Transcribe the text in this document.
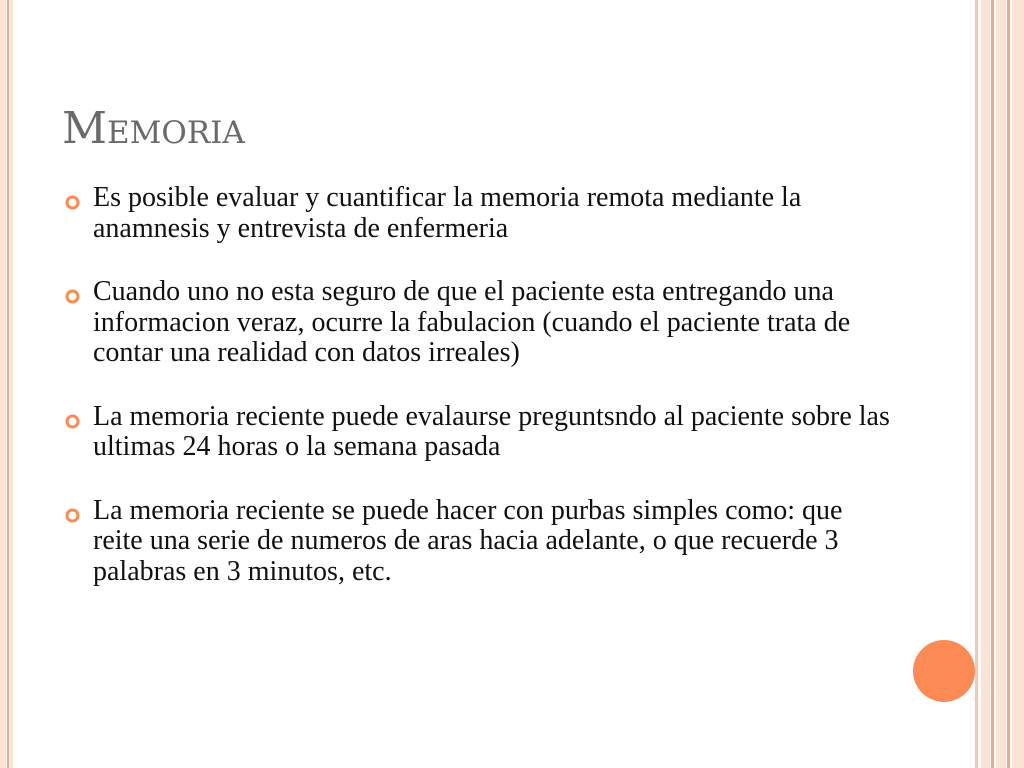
Memoria
Es posible evaluar y cuantificar la memoria remota mediante la anamnesis y entrevista de enfermeria
Cuando uno no esta seguro de que el paciente esta entregando una informacion veraz, ocurre la fabulacion (cuando el paciente trata de contar una realidad con datos irreales)
La memoria reciente puede evalaurse preguntsndo al paciente sobre las ultimas 24 horas o la semana pasada
La memoria reciente se puede hacer con purbas simples como: que reite una serie de numeros de aras hacia adelante, o que recuerde 3 palabras en 3 minutos, etc.
